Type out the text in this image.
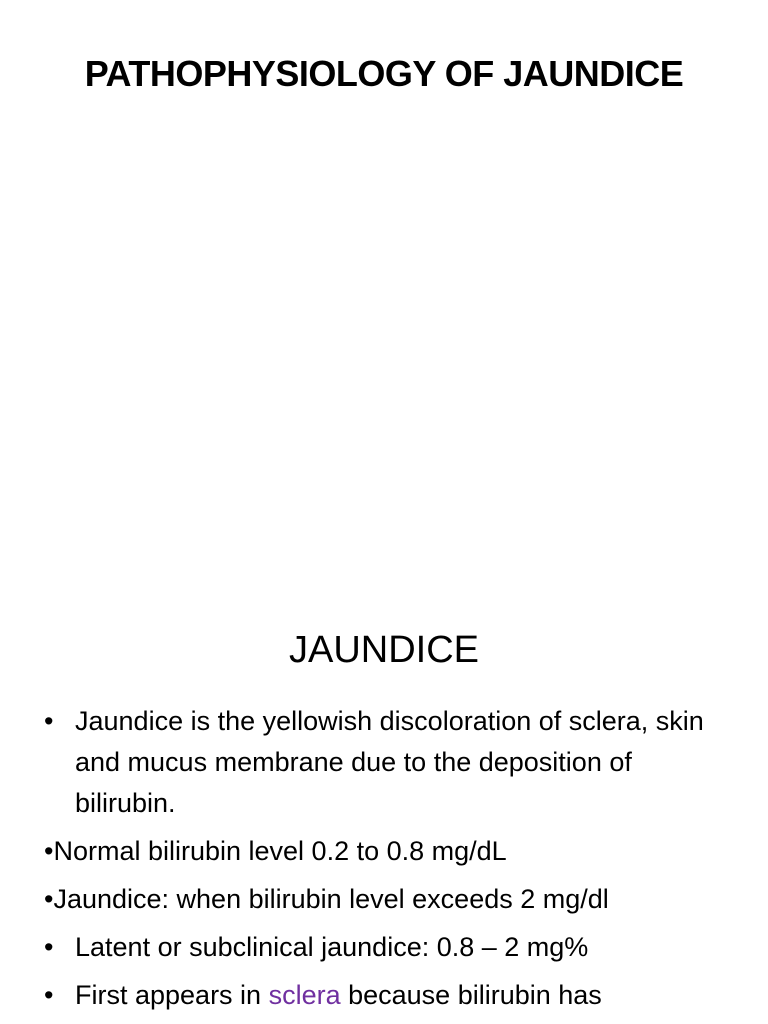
PATHOPHYSIOLOGY OF JAUNDICE
JAUNDICE
• Jaundice is the yellowish discoloration of sclera, skin and mucus membrane due to the deposition of bilirubin.
•Normal bilirubin level 0.2 to 0.8 mg/dL
•Jaundice: when bilirubin level exceeds 2 mg/dl
• Latent or subclinical jaundice: 0.8 – 2 mg%
• First appears in sclera because bilirubin has
